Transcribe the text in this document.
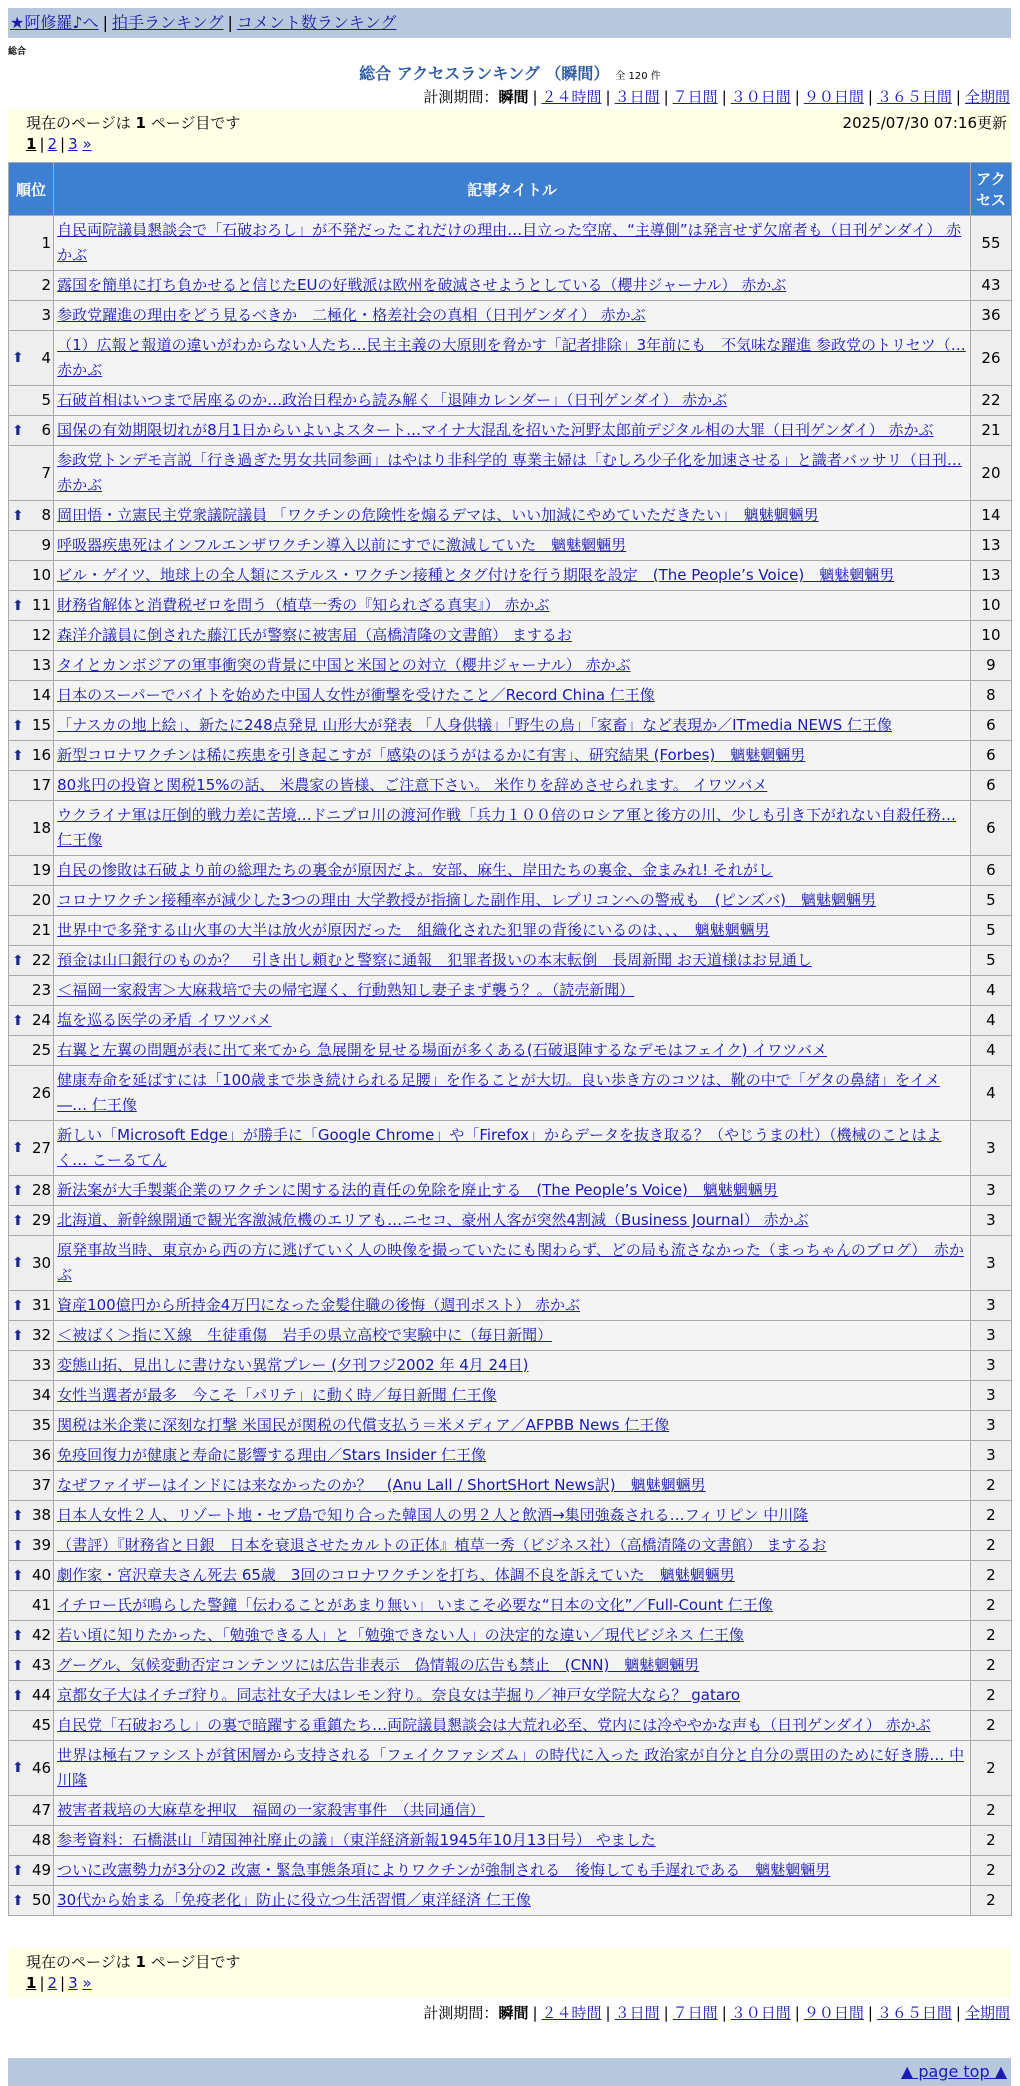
★阿修羅♪へ | 拍手ランキング | コメント数ランキング
総合
総合 アクセスランキング （瞬間） 全 120 件
計測期間：瞬間 | ２４時間 | ３日間 | ７日間 | ３０日間 | ９０日間 | ３６５日間 | 全期間
現在のページは 1 ページ目です	2025/07/30 07:16更新
1 | 2 | 3 »
順位	記事タイトル	アクセス
1	自民両院議員懇談会で「石破おろし」が不発だったこれだけの理由…目立った空席、“主導側”は発言せず欠席者も（日刊ゲンダイ） 赤かぶ	55
2	露国を簡単に打ち負かせると信じたEUの好戦派は欧州を破滅させようとしている（櫻井ジャーナル） 赤かぶ	43
3	参政党躍進の理由をどう見るべきか　二極化・格差社会の真相（日刊ゲンダイ） 赤かぶ	36

⬆ 4	（1）広報と報道の違いがわからない人たち…民主主義の大原則を脅かす「記者排除」3年前にも　不気味な躍進 参政党のトリセツ（… 赤かぶ	26
5	石破首相はいつまで居座るのか…政治日程から読み解く「退陣カレンダー」（日刊ゲンダイ） 赤かぶ	22

⬆ 6	国保の有効期限切れが8月1日からいよいよスタート…マイナ大混乱を招いた河野太郎前デジタル相の大罪（日刊ゲンダイ） 赤かぶ	21
7	参政党トンデモ言説「行き過ぎた男女共同参画」はやはり非科学的 専業主婦は「むしろ少子化を加速させる」と識者バッサリ（日刊… 赤かぶ	20

⬆ 8	岡田悟・立憲民主党衆議院議員 「ワクチンの危険性を煽るデマは、いい加減にやめていただきたい」　魑魅魍魎男	14
9	呼吸器疾患死はインフルエンザワクチン導入以前にすでに激減していた　魑魅魍魎男	13
10	ビル・ゲイツ、地球上の全人類にステルス・ワクチン接種とタグ付けを行う期限を設定　(The People’s Voice)　魑魅魍魎男	13

⬆ 11	財務省解体と消費税ゼロを問う（植草一秀の『知られざる真実』） 赤かぶ	10
12	森洋介議員に倒された藤江氏が警察に被害届（高橋清隆の文書館） まするお	10
13	タイとカンボジアの軍事衝突の背景に中国と米国との対立（櫻井ジャーナル） 赤かぶ	9
14	日本のスーパーでバイトを始めた中国人女性が衝撃を受けたこと／Record China 仁王像	8

⬆ 15	「ナスカの地上絵」、新たに248点発見 山形大が発表 「人身供犠」「野生の鳥」「家畜」など表現か／ITmedia NEWS 仁王像	6

⬆ 16	新型コロナワクチンは稀に疾患を引き起こすが「感染のほうがはるかに有害」、研究結果 (Forbes)　魑魅魍魎男	6
17	80兆円の投資と関税15%の話、 米農家の皆様、ご注意下さい。 米作りを辞めさせられます。 イワツバメ	6
18	ウクライナ軍は圧倒的戦力差に苦境…ドニプロ川の渡河作戦「兵力１００倍のロシア軍と後方の川、少しも引き下がれない自殺任務… 仁王像	6
19	自民の惨敗は石破より前の総理たちの裏金が原因だよ。安部、麻生、岸田たちの裏金、金まみれ! それがし	6
20	コロナワクチン接種率が減少した3つの理由 大学教授が指摘した副作用、レプリコンへの警戒も　(ピンズバ)　魑魅魍魎男	5
21	世界中で多発する山火事の大半は放火が原因だった　組織化された犯罪の背後にいるのは、、、　魑魅魍魎男	5

⬆ 22	預金は山口銀行のものか？　引き出し頼むと警察に通報　犯罪者扱いの本末転倒　長周新聞 お天道様はお見通し	5
23	＜福岡一家殺害＞大麻栽培で夫の帰宅遅く、行動熟知し妻子まず襲う？。（読売新聞）	4

⬆ 24	塩を巡る医学の矛盾 イワツバメ	4
25	右翼と左翼の問題が表に出て来てから 急展開を見せる場面が多くある(石破退陣するなデモはフェイク) イワツバメ	4
26	健康寿命を延ばすには「100歳まで歩き続けられる足腰」を作ることが大切。良い歩き方のコツは、靴の中で「ゲタの鼻緒」をイメ―… 仁王像	4

⬆ 27	新しい「Microsoft Edge」が勝手に「Google Chrome」や「Firefox」からデータを抜き取る？（やじうまの杜）（機械のことはよく… こーるてん	3

⬆ 28	新法案が大手製薬企業のワクチンに関する法的責任の免除を廃止する　(The People’s Voice)　魑魅魍魎男	3

⬆ 29	北海道、新幹線開通で観光客激減危機のエリアも…ニセコ、豪州人客が突然4割減（Business Journal） 赤かぶ	3

⬆ 30	原発事故当時、東京から西の方に逃げていく人の映像を撮っていたにも関わらず、どの局も流さなかった（まっちゃんのブログ）　赤かぶ	3

⬆ 31	資産100億円から所持金4万円になった金髪住職の後悔（週刊ポスト） 赤かぶ	3

⬆ 32	＜被ばく＞指にＸ線　生徒重傷　岩手の県立高校で実験中に（毎日新聞）	3
33	変態山拓、見出しに書けない異常プレー (夕刊フジ2002 年 4月 24日)	3
34	女性当選者が最多　今こそ「パリテ」に動く時／毎日新聞 仁王像	3
35	関税は米企業に深刻な打撃 米国民が関税の代償支払う＝米メディア／AFPBB News 仁王像	3
36	免疫回復力が健康と寿命に影響する理由／Stars Insider 仁王像	3
37	なぜファイザーはインドには来なかったのか？　(Anu Lall / ShortSHort News訳)　魑魅魍魎男	2

⬆ 38	日本人女性２人、リゾート地・セブ島で知り合った韓国人の男２人と飲酒→集団強姦される…フィリピン 中川隆	2

⬆ 39	（書評）『財務省と日銀　日本を衰退させたカルトの正体』植草一秀（ビジネス社）（高橋清隆の文書館） まするお	2

⬆ 40	劇作家・宮沢章夫さん死去 65歳　3回のコロナワクチンを打ち、体調不良を訴えていた　魑魅魍魎男	2
41	イチロー氏が鳴らした警鐘「伝わることがあまり無い」 いまこそ必要な“日本の文化”／Full-Count 仁王像	2

⬆ 42	若い頃に知りたかった、「勉強できる人」と「勉強できない人」の決定的な違い／現代ビジネス 仁王像	2

⬆ 43	グーグル、気候変動否定コンテンツには広告非表示　偽情報の広告も禁止　(CNN)　魑魅魍魎男	2

⬆ 44	京都女子大はイチゴ狩り。同志社女子大はレモン狩り。奈良女は芋掘り／神戸女学院大なら？ gataro	2
45	自民党「石破おろし」の裏で暗躍する重鎮たち…両院議員懇談会は大荒れ必至、党内には冷ややかな声も（日刊ゲンダイ） 赤かぶ	2

⬆ 46	世界は極右ファシストが貧困層から支持される「フェイクファシズム」の時代に入った 政治家が自分と自分の票田のために好き勝… 中川隆	2
47	被害者栽培の大麻草を押収　福岡の一家殺害事件　（共同通信）	2
48	参考資料：石橋湛山「靖国神社廃止の議」（東洋経済新報1945年10月13日号） やました	2

⬆ 49	ついに改憲勢力が3分の2 改憲・緊急事態条項によりワクチンが強制される　後悔しても手遅れである　魑魅魍魎男	2

⬆ 50	30代から始まる「免疫老化」防止に役立つ生活習慣／東洋経済 仁王像	2
現在のページは 1 ページ目です
1 | 2 | 3 »
計測期間：瞬間 | ２４時間 | ３日間 | ７日間 | ３０日間 | ９０日間 | ３６５日間 | 全期間
▲ page top ▲
